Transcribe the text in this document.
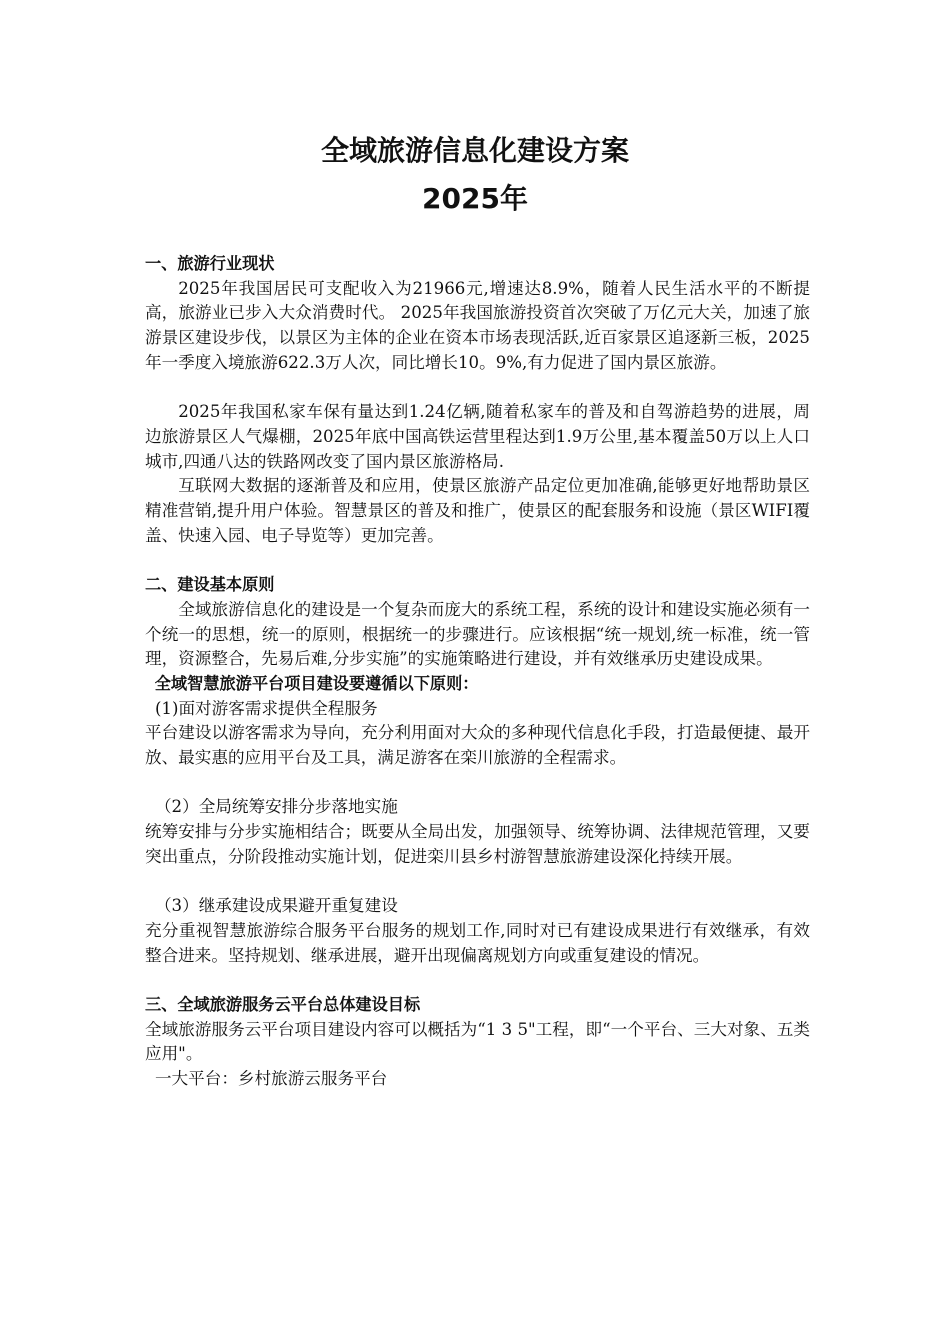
全域旅游信息化建设方案
2025年

一、旅游行业现状

2025年我国居民可支配收入为21966元,增速达8.9%，随着人民生活水平的不断提高，旅游业已步入大众消费时代。 2025年我国旅游投资首次突破了万亿元大关，加速了旅游景区建设步伐，以景区为主体的企业在资本市场表现活跃,近百家景区追逐新三板，2025年一季度入境旅游622.3万人次，同比增长10。9%,有力促进了国内景区旅游。

2025年我国私家车保有量达到1.24亿辆,随着私家车的普及和自驾游趋势的进展，周边旅游景区人气爆棚，2025年底中国高铁运营里程达到1.9万公里,基本覆盖50万以上人口城市,四通八达的铁路网改变了国内景区旅游格局.

互联网大数据的逐渐普及和应用，使景区旅游产品定位更加准确,能够更好地帮助景区精准营销,提升用户体验。智慧景区的普及和推广，使景区的配套服务和设施（景区WIFI覆盖、快速入园、电子导览等）更加完善。

二、建设基本原则

全域旅游信息化的建设是一个复杂而庞大的系统工程，系统的设计和建设实施必须有一个统一的思想，统一的原则，根据统一的步骤进行。应该根据“统一规划,统一标准，统一管理，资源整合，先易后难,分步实施”的实施策略进行建设，并有效继承历史建设成果。

全域智慧旅游平台项目建设要遵循以下原则：

(1)面对游客需求提供全程服务

平台建设以游客需求为导向，充分利用面对大众的多种现代信息化手段，打造最便捷、最开放、最实惠的应用平台及工具，满足游客在栾川旅游的全程需求。

（2）全局统筹安排分步落地实施

统筹安排与分步实施相结合；既要从全局出发，加强领导、统筹协调、法律规范管理，又要突出重点，分阶段推动实施计划，促进栾川县乡村游智慧旅游建设深化持续开展。

（3）继承建设成果避开重复建设

充分重视智慧旅游综合服务平台服务的规划工作,同时对已有建设成果进行有效继承，有效整合进来。坚持规划、继承进展，避开出现偏离规划方向或重复建设的情况。

三、全域旅游服务云平台总体建设目标

全域旅游服务云平台项目建设内容可以概括为“1 3 5"工程，即“一个平台、三大对象、五类应用"。

一大平台：乡村旅游云服务平台
